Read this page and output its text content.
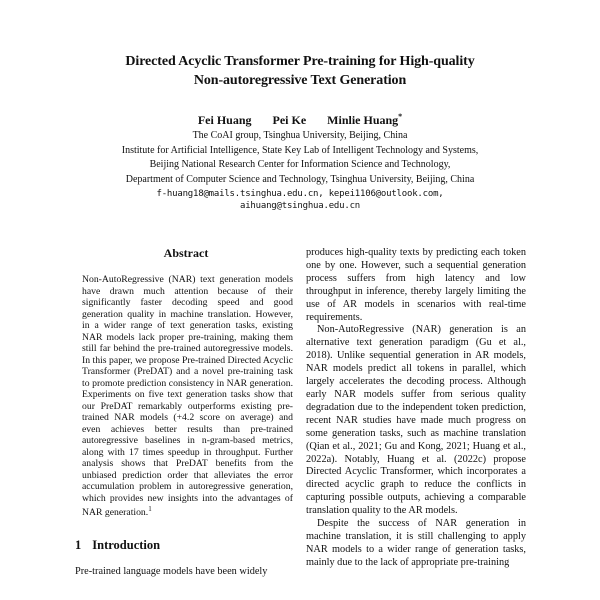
Directed Acyclic Transformer Pre-training for High-quality
Non-autoregressive Text Generation
Fei Huang Pei Ke Minlie Huang*
The CoAI group, Tsinghua University, Beijing, China
Institute for Artificial Intelligence, State Key Lab of Intelligent Technology and Systems,
Beijing National Research Center for Information Science and Technology,
Department of Computer Science and Technology, Tsinghua University, Beijing, China
f-huang18@mails.tsinghua.edu.cn, kepei1106@outlook.com,
aihuang@tsinghua.edu.cn
Abstract

Non-AutoRegressive (NAR) text generation models have drawn much attention because of their significantly faster decoding speed and good generation quality in machine translation. However, in a wider range of text generation tasks, existing NAR models lack proper pre-training, making them still far behind the pre-trained autoregressive models. In this paper, we propose Pre-trained Directed Acyclic Transformer (PreDAT) and a novel pre-training task to promote prediction consistency in NAR generation. Experiments on five text generation tasks show that our PreDAT remarkably outperforms existing pre-trained NAR models (+4.2 score on average) and even achieves better results than pre-trained autoregressive baselines in n-gram-based metrics, along with 17 times speedup in throughput. Further analysis shows that PreDAT benefits from the unbiased prediction order that alleviates the error accumulation problem in autoregressive generation, which provides new insights into the advantages of NAR generation.$^1$

1 Introduction

Pre-trained language models have been widely

produces high-quality texts by predicting each token one by one. However, such a sequential generation process suffers from high latency and low throughput in inference, thereby largely limiting the use of AR models in scenarios with real-time requirements.

Non-AutoRegressive (NAR) generation is an alternative text generation paradigm (Gu et al., 2018). Unlike sequential generation in AR models, NAR models predict all tokens in parallel, which largely accelerates the decoding process. Although early NAR models suffer from serious quality degradation due to the independent token prediction, recent NAR studies have made much progress on some generation tasks, such as machine translation (Qian et al., 2021; Gu and Kong, 2021; Huang et al., 2022a). Notably, Huang et al. (2022c) propose Directed Acyclic Transformer, which incorporates a directed acyclic graph to reduce the conflicts in capturing possible outputs, achieving a comparable translation quality to the AR models.

Despite the success of NAR generation in machine translation, it is still challenging to apply NAR models to a wider range of generation tasks, mainly due to the lack of appropriate pre-training
